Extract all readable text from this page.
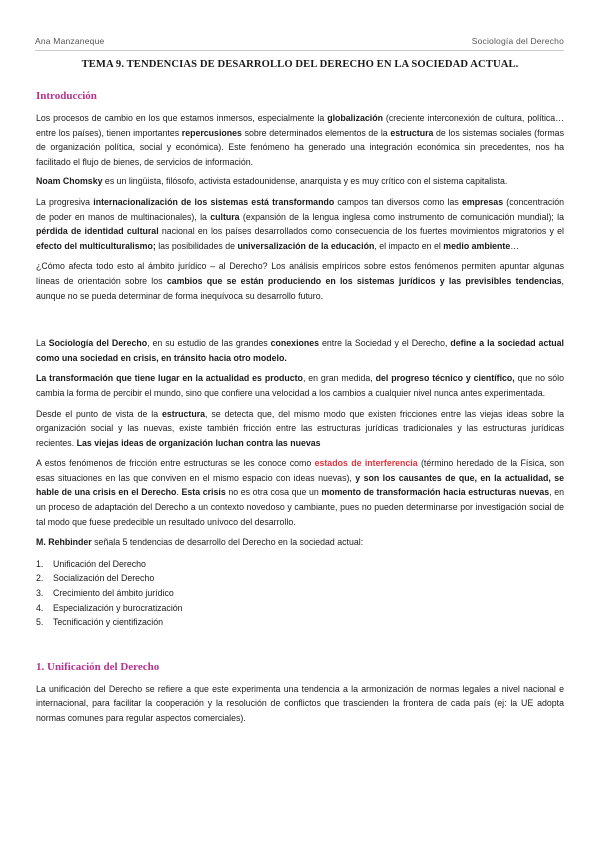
Ana Manzaneque	Sociología del Derecho
TEMA 9. TENDENCIAS DE DESARROLLO DEL DERECHO EN LA SOCIEDAD ACTUAL.
Introducción

Los procesos de cambio en los que estamos inmersos, especialmente la globalización (creciente interconexión de cultura, política… entre los países), tienen importantes repercusiones sobre determinados elementos de la estructura de los sistemas sociales (formas de organización política, social y económica). Este fenómeno ha generado una integración económica sin precedentes, nos ha facilitado el flujo de bienes, de servicios de información.

Noam Chomsky es un lingüista, filósofo, activista estadounidense, anarquista y es muy crítico con el sistema capitalista.

La progresiva internacionalización de los sistemas está transformando campos tan diversos como las empresas (concentración de poder en manos de multinacionales), la cultura (expansión de la lengua inglesa como instrumento de comunicación mundial); la pérdida de identidad cultural nacional en los países desarrollados como consecuencia de los fuertes movimientos migratorios y el efecto del multiculturalismo; las posibilidades de universalización de la educación, el impacto en el medio ambiente…

¿Cómo afecta todo esto al ámbito jurídico – al Derecho? Los análisis empíricos sobre estos fenómenos permiten apuntar algunas líneas de orientación sobre los cambios que se están produciendo en los sistemas jurídicos y las previsibles tendencias, aunque no se pueda determinar de forma inequívoca su desarrollo futuro.

La Sociología del Derecho, en su estudio de las grandes conexiones entre la Sociedad y el Derecho, define a la sociedad actual como una sociedad en crisis, en tránsito hacia otro modelo.

La transformación que tiene lugar en la actualidad es producto, en gran medida, del progreso técnico y científico, que no sólo cambia la forma de percibir el mundo, sino que confiere una velocidad a los cambios a cualquier nivel nunca antes experimentada.

Desde el punto de vista de la estructura, se detecta que, del mismo modo que existen fricciones entre las viejas ideas sobre la organización social y las nuevas, existe también fricción entre las estructuras jurídicas tradicionales y las estructuras jurídicas recientes. Las viejas ideas de organización luchan contra las nuevas

A estos fenómenos de fricción entre estructuras se les conoce como estados de interferencia (término heredado de la Física, son esas situaciones en las que conviven en el mismo espacio con ideas nuevas), y son los causantes de que, en la actualidad, se hable de una crisis en el Derecho. Esta crisis no es otra cosa que un momento de transformación hacia estructuras nuevas, en un proceso de adaptación del Derecho a un contexto novedoso y cambiante, pues no pueden determinarse por investigación social de tal modo que fuese predecible un resultado unívoco del desarrollo.

M. Rehbinder señala 5 tendencias de desarrollo del Derecho en la sociedad actual:

1. Unificación del Derecho
2. Socialización del Derecho
3. Crecimiento del ámbito jurídico
4. Especialización y burocratización
5. Tecnificación y cientifización
1. Unificación del Derecho

La unificación del Derecho se refiere a que este experimenta una tendencia a la armonización de normas legales a nivel nacional e internacional, para facilitar la cooperación y la resolución de conflictos que trascienden la frontera de cada país (ej: la UE adopta normas comunes para regular aspectos comerciales).
